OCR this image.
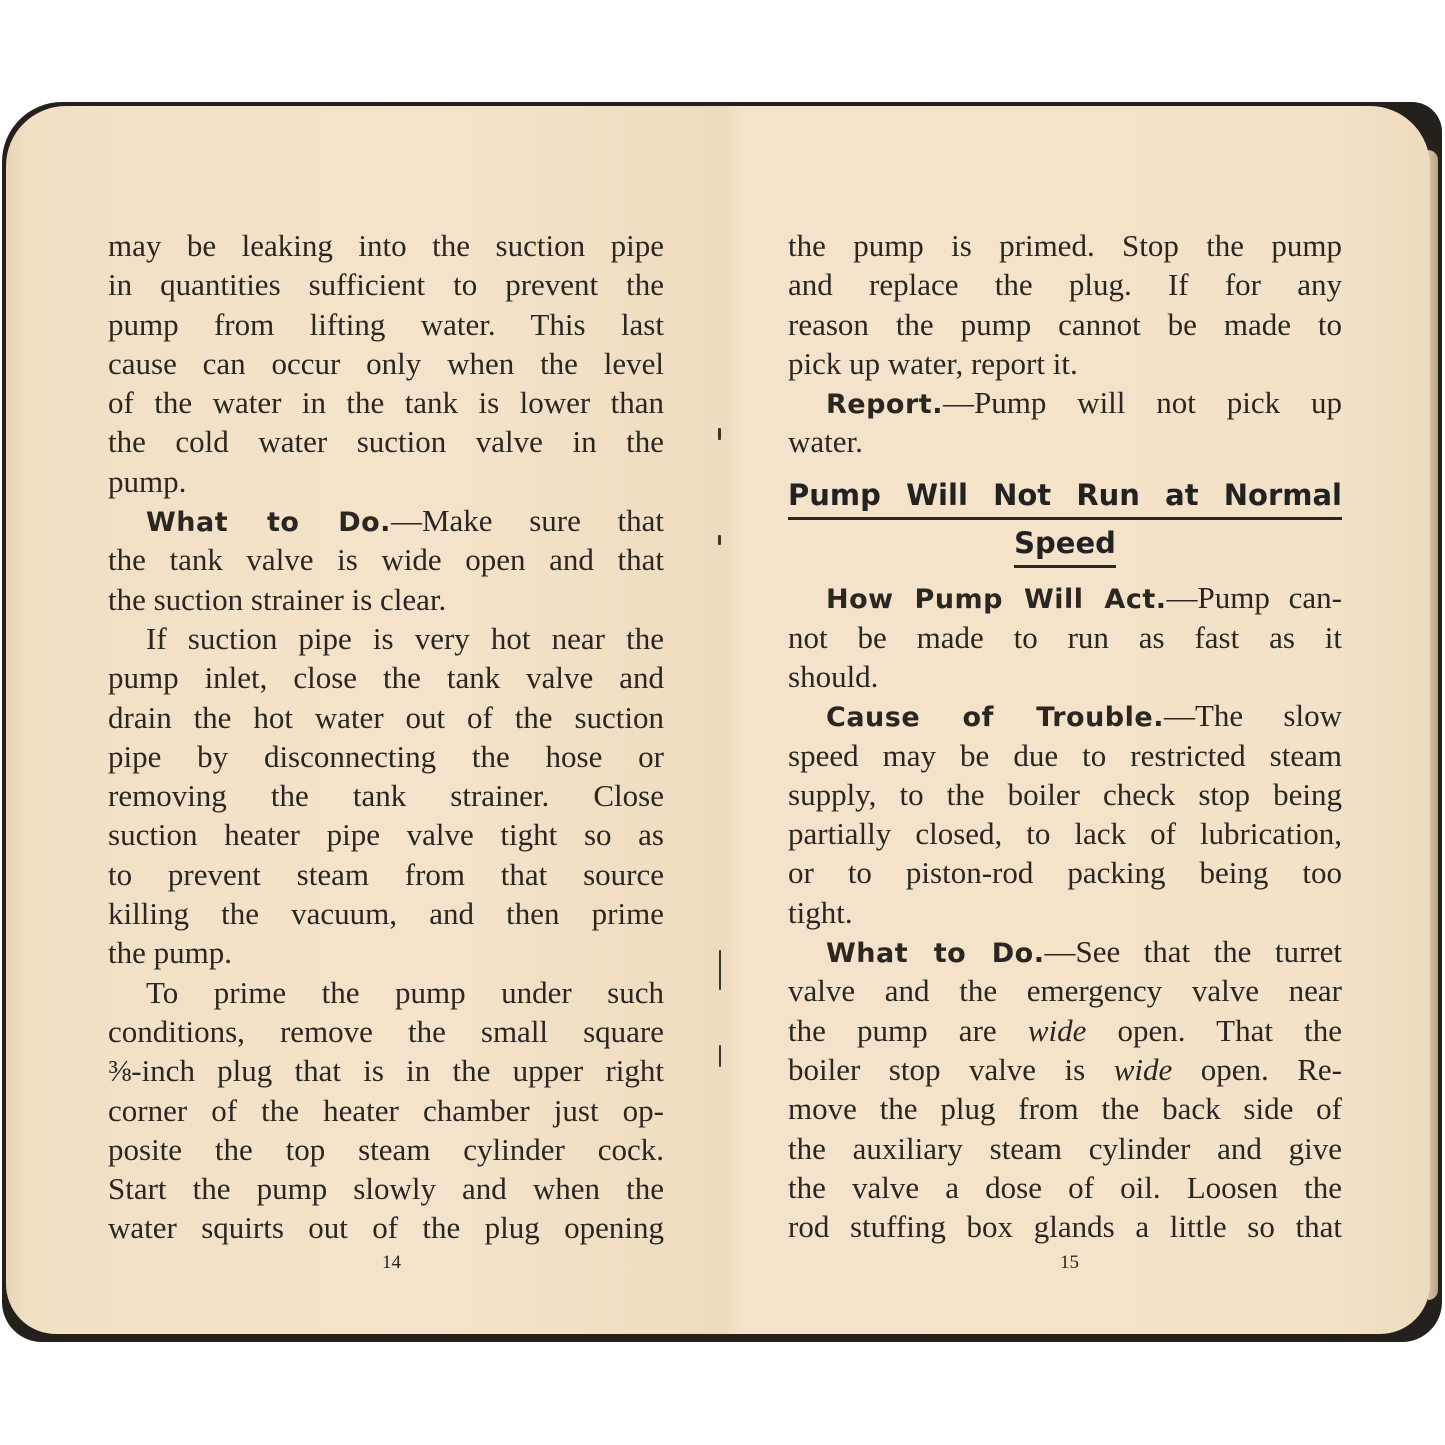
may be leaking into the suction pipe
in quantities sufficient to prevent the
pump from lifting water. This last
cause can occur only when the level
of the water in the tank is lower than
the cold water suction valve in the
pump.
What to Do.—Make sure that
the tank valve is wide open and that
the suction strainer is clear.
If suction pipe is very hot near the
pump inlet, close the tank valve and
drain the hot water out of the suction
pipe by disconnecting the hose or
removing the tank strainer. Close
suction heater pipe valve tight so as
to prevent steam from that source
killing the vacuum, and then prime
the pump.
To prime the pump under such
conditions, remove the small square
⅜-inch plug that is in the upper right
corner of the heater chamber just op-
posite the top steam cylinder cock.
Start the pump slowly and when the
water squirts out of the plug opening
14
the pump is primed. Stop the pump
and replace the plug. If for any
reason the pump cannot be made to
pick up water, report it.
Report.—Pump will not pick up
water.
Pump Will Not Run at Normal
Speed
How Pump Will Act.—Pump can-
not be made to run as fast as it
should.
Cause of Trouble.—The slow
speed may be due to restricted steam
supply, to the boiler check stop being
partially closed, to lack of lubrication,
or to piston-rod packing being too
tight.
What to Do.—See that the turret
valve and the emergency valve near
the pump are wide open. That the
boiler stop valve is wide open. Re-
move the plug from the back side of
the auxiliary steam cylinder and give
the valve a dose of oil. Loosen the
rod stuffing box glands a little so that
15
